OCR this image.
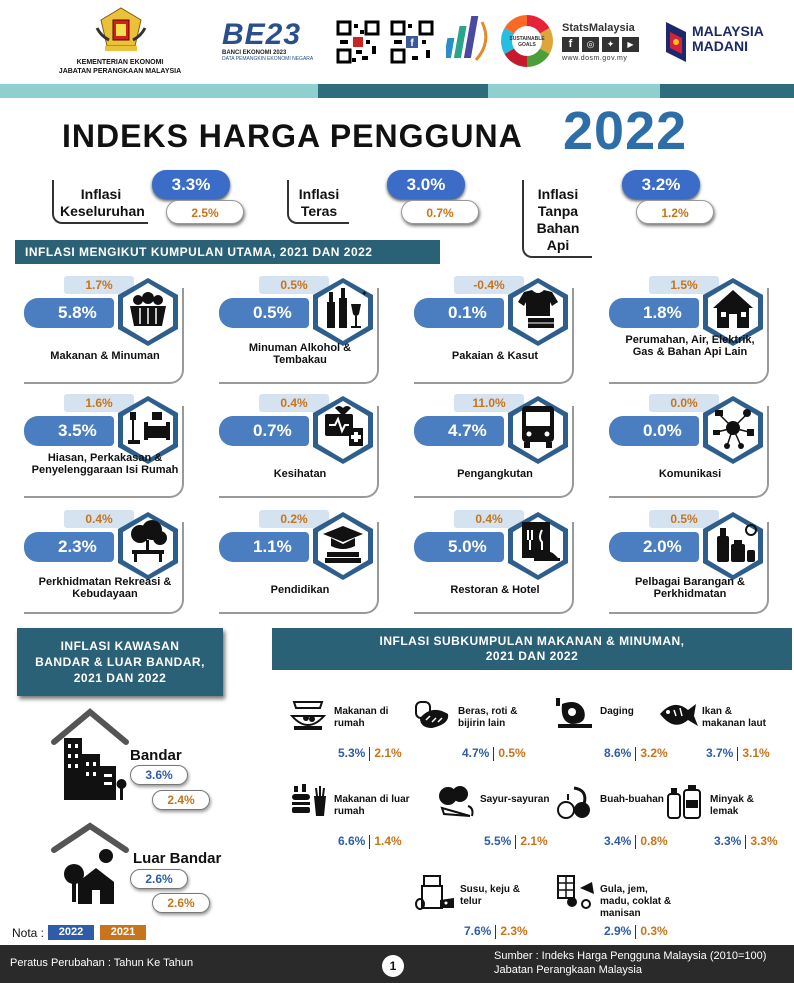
KEMENTERIAN EKONOMI
JABATAN PERANGKAAN MALAYSIA
BE23
BANCI EKONOMI 2023
DATA PEMANGKIN EKONOMI NEGARA
f	SUSTAINABLE
GOALS
StatsMalaysia
f	◎	✦	▶
www.dosm.gov.my
MALAYSIA
MADANI
INDEKS HARGA PENGGUNA 2022
Inflasi
Keseluruhan
3.3%
2.5%
Inflasi
Teras
3.0%
0.7%
Inflasi
Tanpa
Bahan Api
3.2%
1.2%
INFLASI MENGIKUT KUMPULAN UTAMA, 2021 DAN 2022
1.7%
5.8%
Makanan & Minuman
0.5%
0.5%
✦
Minuman Alkohol & Tembakau
-0.4%
0.1%
Pakaian & Kasut
1.5%
1.8%
Perumahan, Air, Elektrik, Gas & Bahan Api Lain
1.6%
3.5%
Hiasan, Perkakasan & Penyelenggaraan Isi Rumah
0.4%
0.7%
Kesihatan
11.0%
4.7%
Pengangkutan
0.0%
0.0%
Komunikasi
0.4%
2.3%
Perkhidmatan Rekreasi & Kebudayaan
0.2%
1.1%
Pendidikan
0.4%
5.0%
Restoran & Hotel
0.5%
2.0%
Pelbagai Barangan & Perkhidmatan
INFLASI KAWASAN
BANDAR & LUAR BANDAR,
2021 DAN 2022
Bandar
3.6%
2.4%
Luar Bandar
2.6%
2.6%
Nota :	2022	2021
INFLASI SUBKUMPULAN MAKANAN & MINUMAN,
2021 DAN 2022
Makanan di rumah
5.3% 2.1%
Beras, roti & bijirin lain
4.7% 0.5%
Daging
8.6% 3.2%
Ikan & makanan laut
3.7% 3.1%
Makanan di luar rumah
6.6% 1.4%
Sayur-sayuran
5.5% 2.1%
Buah-buahan
3.4% 0.8%
Minyak & lemak
3.3% 3.3%
Susu, keju & telur
7.6% 2.3%
Gula, jem, madu, coklat & manisan
2.9% 0.3%
Peratus Perubahan : Tahun Ke Tahun	1
Sumber : Indeks Harga Pengguna Malaysia (2010=100)
Jabatan Perangkaan Malaysia
